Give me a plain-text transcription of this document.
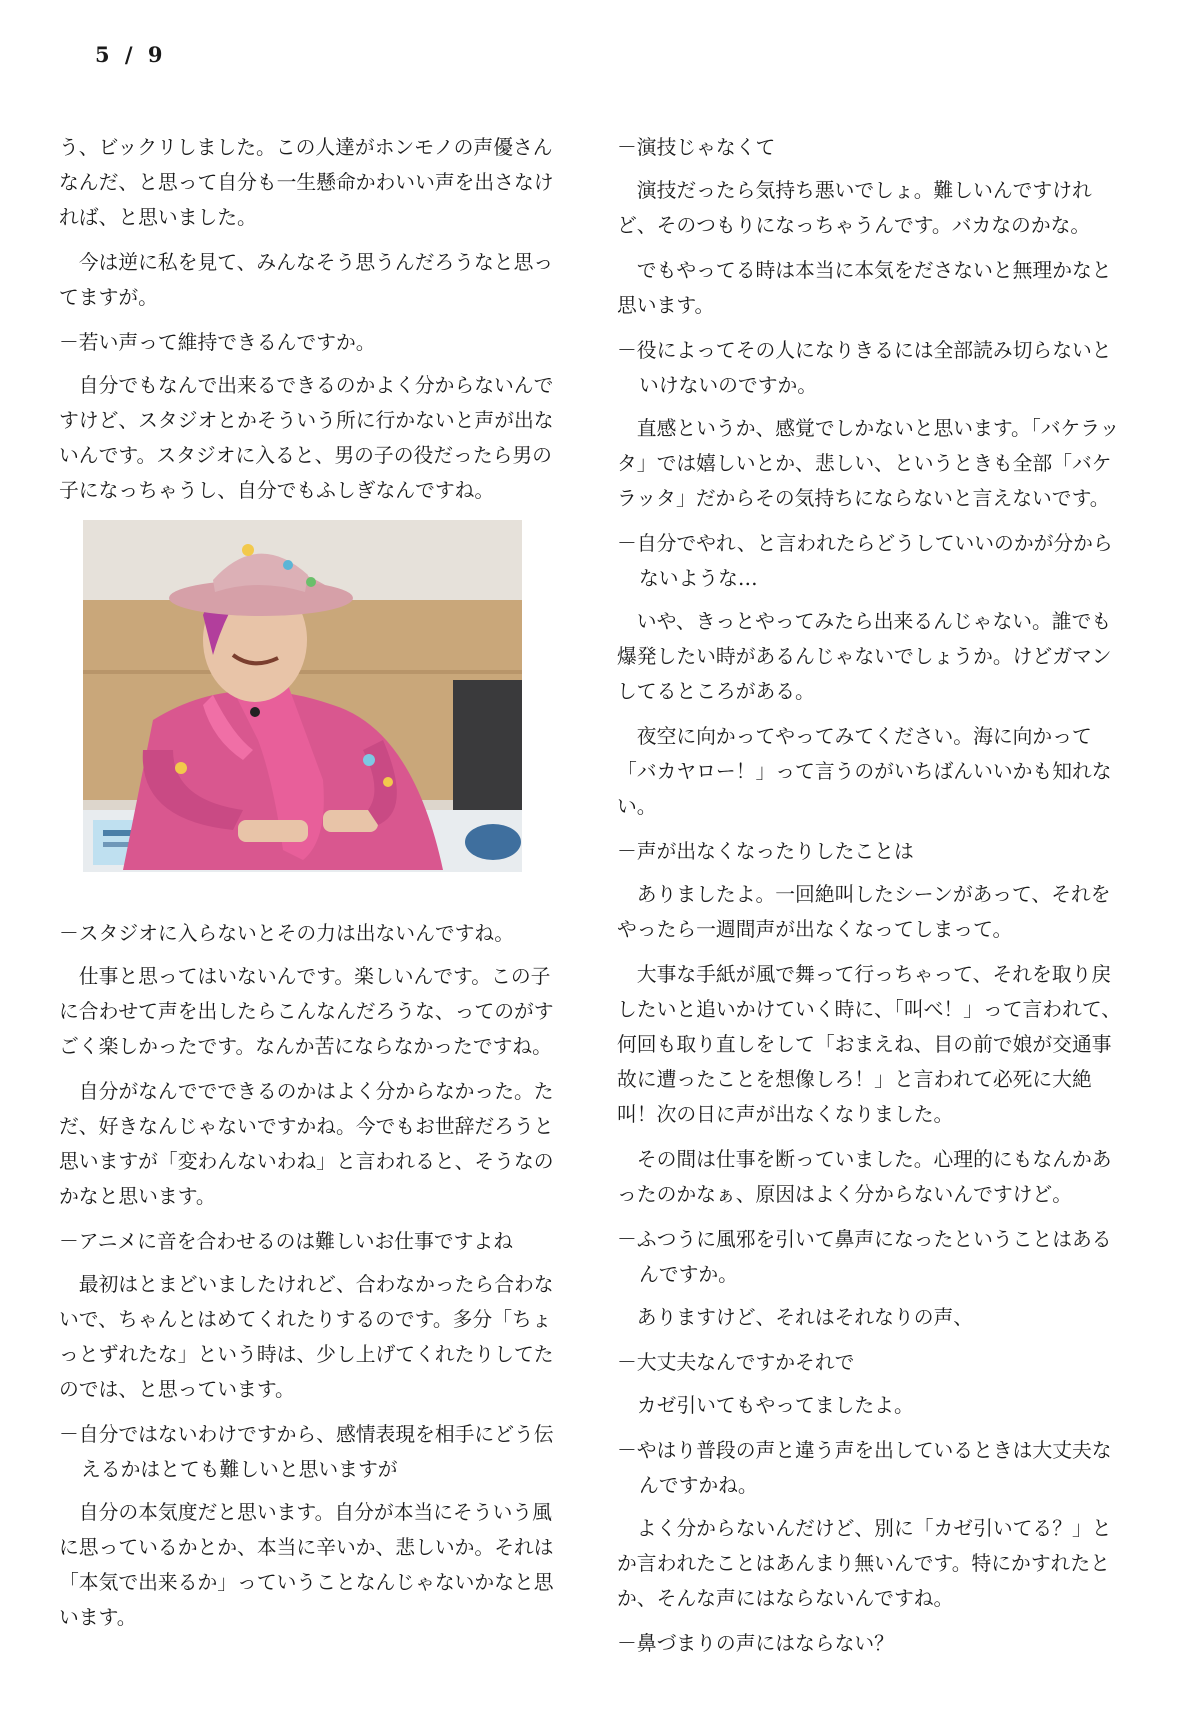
5 / 9
う、ビックリしました。この人達がホンモノの声優さんなんだ、と思って自分も一生懸命かわいい声を出さなければ、と思いました。
今は逆に私を見て、みんなそう思うんだろうなと思ってますが。
－若い声って維持できるんですか。
自分でもなんで出来るできるのかよく分からないんですけど、スタジオとかそういう所に行かないと声が出ないんです。スタジオに入ると、男の子の役だったら男の子になっちゃうし、自分でもふしぎなんですね。
－スタジオに入らないとその力は出ないんですね。
仕事と思ってはいないんです。楽しいんです。この子に合わせて声を出したらこんなんだろうな、ってのがすごく楽しかったです。なんか苦にならなかったですね。
自分がなんででできるのかはよく分からなかった。ただ、好きなんじゃないですかね。今でもお世辞だろうと思いますが「変わんないわね」と言われると、そうなのかなと思います。
－アニメに音を合わせるのは難しいお仕事ですよね
最初はとまどいましたけれど、合わなかったら合わないで、ちゃんとはめてくれたりするのです。多分「ちょっとずれたな」という時は、少し上げてくれたりしてたのでは、と思っています。
－自分ではないわけですから、感情表現を相手にどう伝えるかはとても難しいと思いますが
自分の本気度だと思います。自分が本当にそういう風に思っているかとか、本当に辛いか、悲しいか。それは「本気で出来るか」っていうことなんじゃないかなと思います。
－演技じゃなくて
演技だったら気持ち悪いでしょ。難しいんですけれど、そのつもりになっちゃうんです。バカなのかな。
でもやってる時は本当に本気をださないと無理かなと思います。
－役によってその人になりきるには全部読み切らないといけないのですか。
直感というか、感覚でしかないと思います。「バケラッタ」では嬉しいとか、悲しい、というときも全部「バケラッタ」だからその気持ちにならないと言えないです。
－自分でやれ、と言われたらどうしていいのかが分からないような…
いや、きっとやってみたら出来るんじゃない。誰でも爆発したい時があるんじゃないでしょうか。けどガマンしてるところがある。
夜空に向かってやってみてください。海に向かって「バカヤロー！」って言うのがいちばんいいかも知れない。
－声が出なくなったりしたことは
ありましたよ。一回絶叫したシーンがあって、それをやったら一週間声が出なくなってしまって。
大事な手紙が風で舞って行っちゃって、それを取り戻したいと追いかけていく時に、「叫べ！」って言われて、何回も取り直しをして「おまえね、目の前で娘が交通事故に遭ったことを想像しろ！」と言われて必死に大絶叫！次の日に声が出なくなりました。
その間は仕事を断っていました。心理的にもなんかあったのかなぁ、原因はよく分からないんですけど。
－ふつうに風邪を引いて鼻声になったということはあるんですか。
ありますけど、それはそれなりの声、
－大丈夫なんですかそれで
カゼ引いてもやってましたよ。
－やはり普段の声と違う声を出しているときは大丈夫なんですかね。
よく分からないんだけど、別に「カゼ引いてる？」とか言われたことはあんまり無いんです。特にかすれたとか、そんな声にはならないんですね。
－鼻づまりの声にはならない？
